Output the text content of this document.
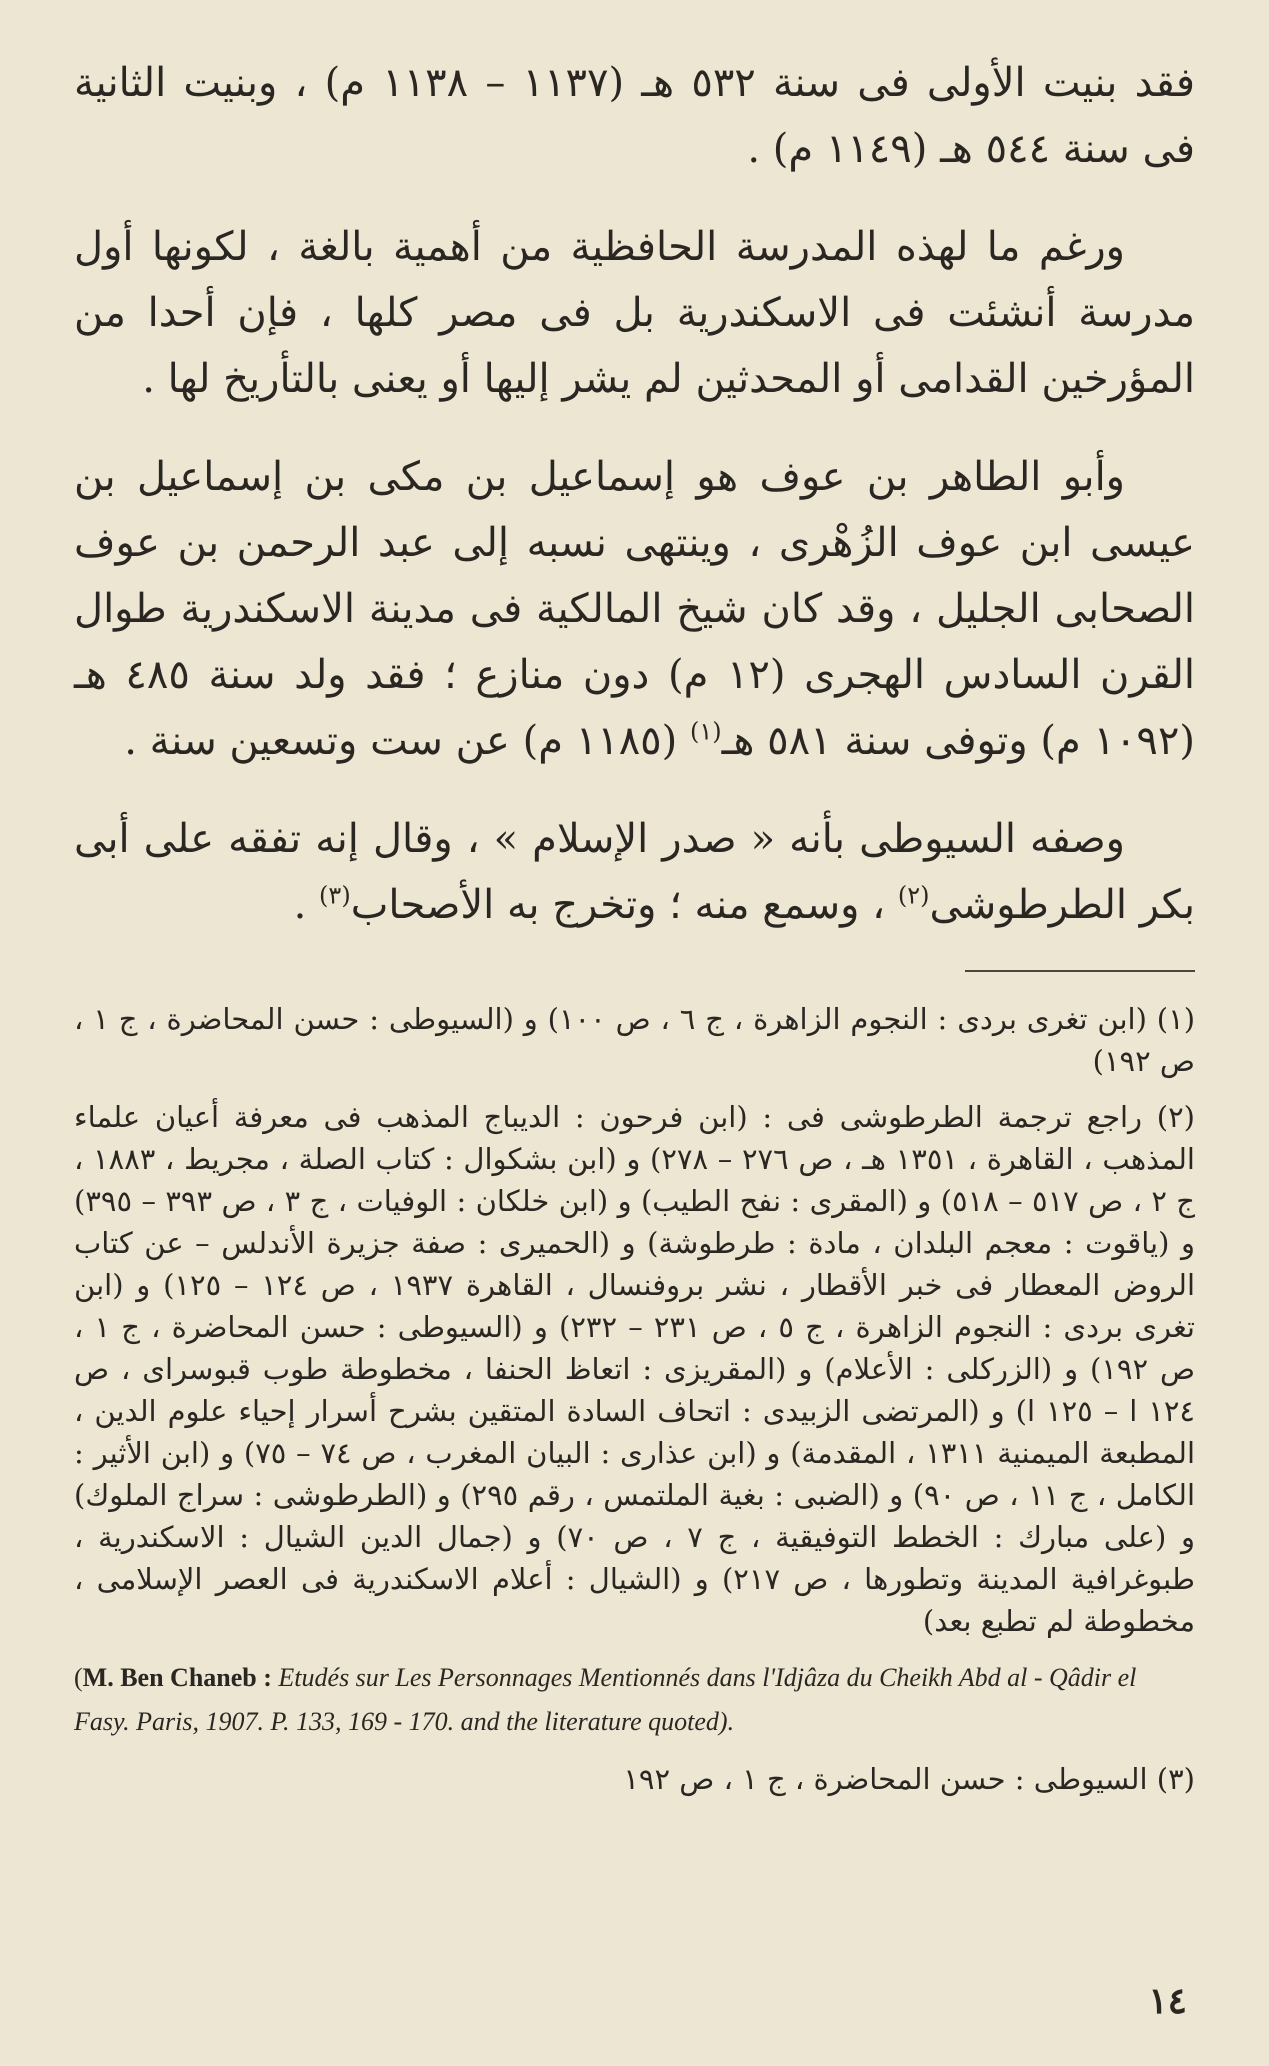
فقد بنيت الأولى فى سنة ٥٣٢ هـ (١١٣٧ – ١١٣٨ م) ، وبنيت الثانية فى سنة ٥٤٤ هـ (١١٤٩ م) .

ورغم ما لهذه المدرسة الحافظية من أهمية بالغة ، لكونها أول مدرسة أنشئت فى الاسكندرية بل فى مصر كلها ، فإن أحدا من المؤرخين القدامى أو المحدثين لم يشر إليها أو يعنى بالتأريخ لها .

وأبو الطاهر بن عوف هو إسماعيل بن مكى بن إسماعيل بن عيسى ابن عوف الزُهْرى ، وينتهى نسبه إلى عبد الرحمن بن عوف الصحابى الجليل ، وقد كان شيخ المالكية فى مدينة الاسكندرية طوال القرن السادس الهجرى (١٢ م) دون منازع ؛ فقد ولد سنة ٤٨٥ هـ (١٠٩٢ م) وتوفى سنة ٥٨١ هـ$^{(١)}$ (١١٨٥ م) عن ست وتسعين سنة .

وصفه السيوطى بأنه « صدر الإسلام » ، وقال إنه تفقه على أبى بكر الطرطوشى$^{(٢)}$ ، وسمع منه ؛ وتخرج به الأصحاب$^{(٣)}$ .

(١) (ابن تغرى بردى : النجوم الزاهرة ، ج ٦ ، ص ١٠٠) و (السيوطى : حسن المحاضرة ، ج ١ ، ص ١٩٢)

(٢) راجع ترجمة الطرطوشى فى : (ابن فرحون : الديباج المذهب فى معرفة أعيان علماء المذهب ، القاهرة ، ١٣٥١ هـ ، ص ٢٧٦ – ٢٧٨) و (ابن بشكوال : كتاب الصلة ، مجريط ، ١٨٨٣ ، ج ٢ ، ص ٥١٧ – ٥١٨) و (المقرى : نفح الطيب) و (ابن خلكان : الوفيات ، ج ٣ ، ص ٣٩٣ – ٣٩٥) و (ياقوت : معجم البلدان ، مادة : طرطوشة) و (الحميرى : صفة جزيرة الأندلس – عن كتاب الروض المعطار فى خبر الأقطار ، نشر بروفنسال ، القاهرة ١٩٣٧ ، ص ١٢٤ – ١٢٥) و (ابن تغرى بردى : النجوم الزاهرة ، ج ٥ ، ص ٢٣١ – ٢٣٢) و (السيوطى : حسن المحاضرة ، ج ١ ، ص ١٩٢) و (الزركلى : الأعلام) و (المقريزى : اتعاظ الحنفا ، مخطوطة طوب قبوسراى ، ص ١٢٤ ا – ١٢٥ ا) و (المرتضى الزبيدى : اتحاف السادة المتقين بشرح أسرار إحياء علوم الدين ، المطبعة الميمنية ١٣١١ ، المقدمة) و (ابن عذارى : البيان المغرب ، ص ٧٤ – ٧٥) و (ابن الأثير : الكامل ، ج ١١ ، ص ٩٠) و (الضبى : بغية الملتمس ، رقم ٢٩٥) و (الطرطوشى : سراج الملوك) و (على مبارك : الخطط التوفيقية ، ج ٧ ، ص ٧٠) و (جمال الدين الشيال : الاسكندرية ، طبوغرافية المدينة وتطورها ، ص ٢١٧) و (الشيال : أعلام الاسكندرية فى العصر الإسلامى ، مخطوطة لم تطبع بعد)

(M. Ben Chaneb : Etudés sur Les Personnages Mentionnés dans l'Idjâza du Cheikh Abd al - Qâdir el Fasy. Paris, 1907. P. 133, 169 - 170. and the literature quoted).

(٣) السيوطى : حسن المحاضرة ، ج ١ ، ص ١٩٢

١٤
